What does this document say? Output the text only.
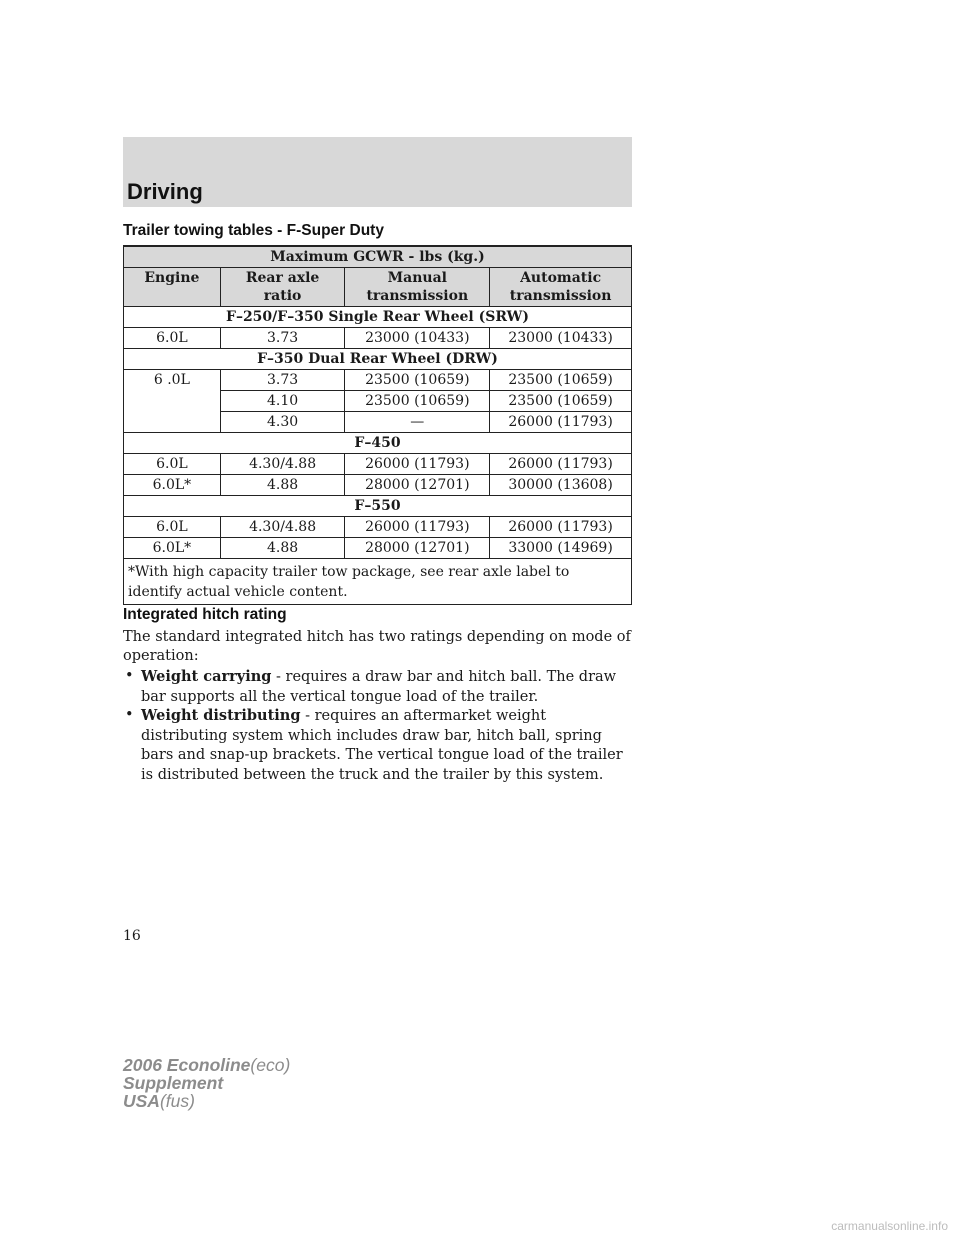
Driving
Trailer towing tables - F-Super Duty
Maximum GCWR - lbs (kg.)			
Engine	Rear axle ratio	Manual transmission	Automatic transmission
F–250/F–350 Single Rear Wheel (SRW)			
6.0L	3.73	23000 (10433)	23000 (10433)
F–350 Dual Rear Wheel (DRW)			
6 .0L	3.73	23500 (10659)	23500 (10659)
	4.10	23500 (10659)	23500 (10659)
	4.30	—	26000 (11793)
F–450			
6.0L	4.30/4.88	26000 (11793)	26000 (11793)
6.0L*	4.88	28000 (12701)	30000 (13608)
F–550			
6.0L	4.30/4.88	26000 (11793)	26000 (11793)
6.0L*	4.88	28000 (12701)	33000 (14969)
*With high capacity trailer tow package, see rear axle label to identify actual vehicle content.			
Integrated hitch rating
The standard integrated hitch has two ratings depending on mode of operation:
• Weight carrying - requires a draw bar and hitch ball. The draw bar supports all the vertical tongue load of the trailer.
• Weight distributing - requires an aftermarket weight distributing system which includes draw bar, hitch ball, spring bars and snap-up brackets. The vertical tongue load of the trailer is distributed between the truck and the trailer by this system.
16
2006 Econoline(eco)
Supplement
USA(fus)
carmanualsonline.info
